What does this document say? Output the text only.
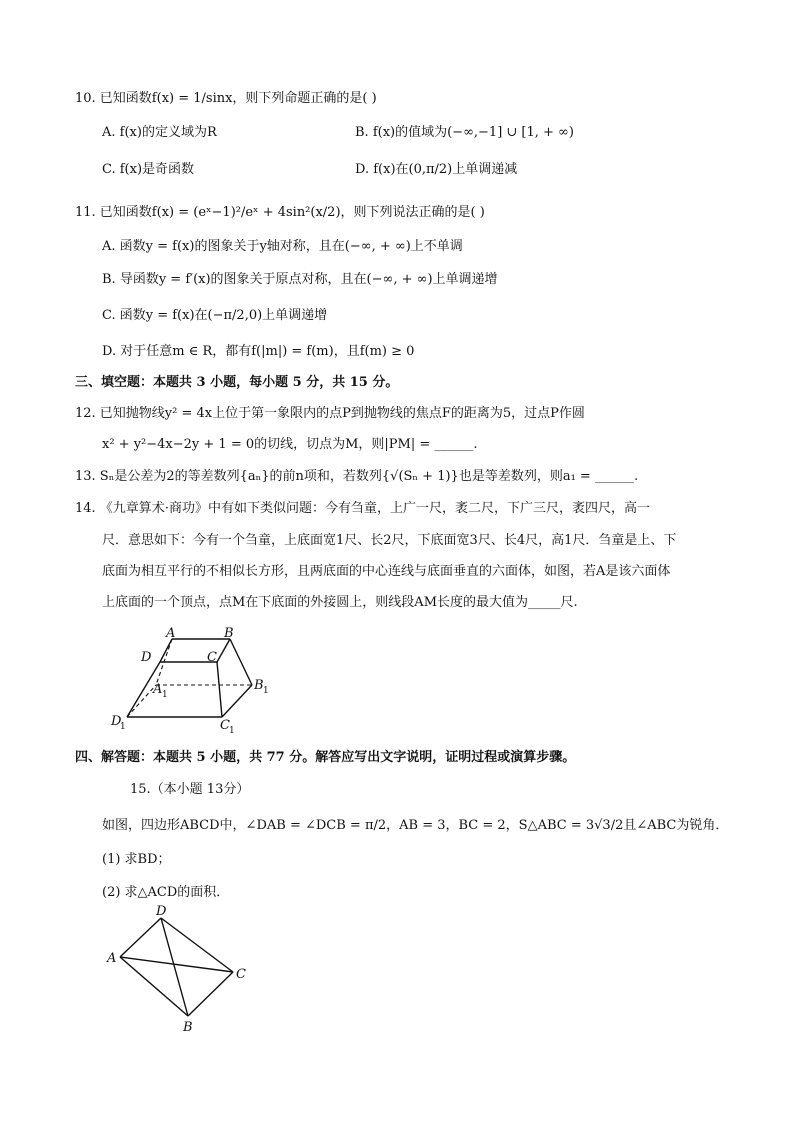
10. 已知函数f(x) = 1/sinx，则下列命题正确的是( )
A. f(x)的定义域为R	B. f(x)的值域为(−∞,−1] ∪ [1, + ∞)
C. f(x)是奇函数	D. f(x)在(0,π/2)上单调递减
11. 已知函数f(x) = (eˣ−1)²/eˣ + 4sin²(x/2)，则下列说法正确的是( )
A. 函数y = f(x)的图象关于y轴对称，且在(−∞, + ∞)上不单调
B. 导函数y = f′(x)的图象关于原点对称，且在(−∞, + ∞)上单调递增
C. 函数y = f(x)在(−π/2,0)上单调递增
D. 对于任意m ∈ R，都有f(|m|) = f(m)，且f(m) ≥ 0
三、填空题：本题共 3 小题，每小题 5 分，共 15 分。
12. 已知抛物线y² = 4x上位于第一象限内的点P到抛物线的焦点F的距离为5，过点P作圆
x² + y²−4x−2y + 1 = 0的切线，切点为M，则|PM| = ______.
13. Sₙ是公差为2的等差数列{aₙ}的前n项和，若数列{√(Sₙ + 1)}也是等差数列，则a₁ = ______.
14. 《九章算术·商功》中有如下类似问题：今有刍童，上广一尺，袤二尺，下广三尺，袤四尺，高一
尺．意思如下：今有一个刍童，上底面宽1尺、长2尺，下底面宽3尺、长4尺，高1尺．刍童是上、下
底面为相互平行的不相似长方形，且两底面的中心连线与底面垂直的六面体，如图，若A是该六面体
上底面的一个顶点，点M在下底面的外接圆上，则线段AM长度的最大值为_____尺.
A	B
C
D
A 1
B 1
C 1
D
1
四、解答题：本题共 5 小题，共 77 分。解答应写出文字说明，证明过程或演算步骤。
15.（本小题 13分）
如图，四边形ABCD中，∠DAB = ∠DCB = π/2，AB = 3，BC = 2，S△ABC = 3√3/2且∠ABC为锐角．
(1) 求BD；
(2) 求△ACD的面积．
D
A
C
B
